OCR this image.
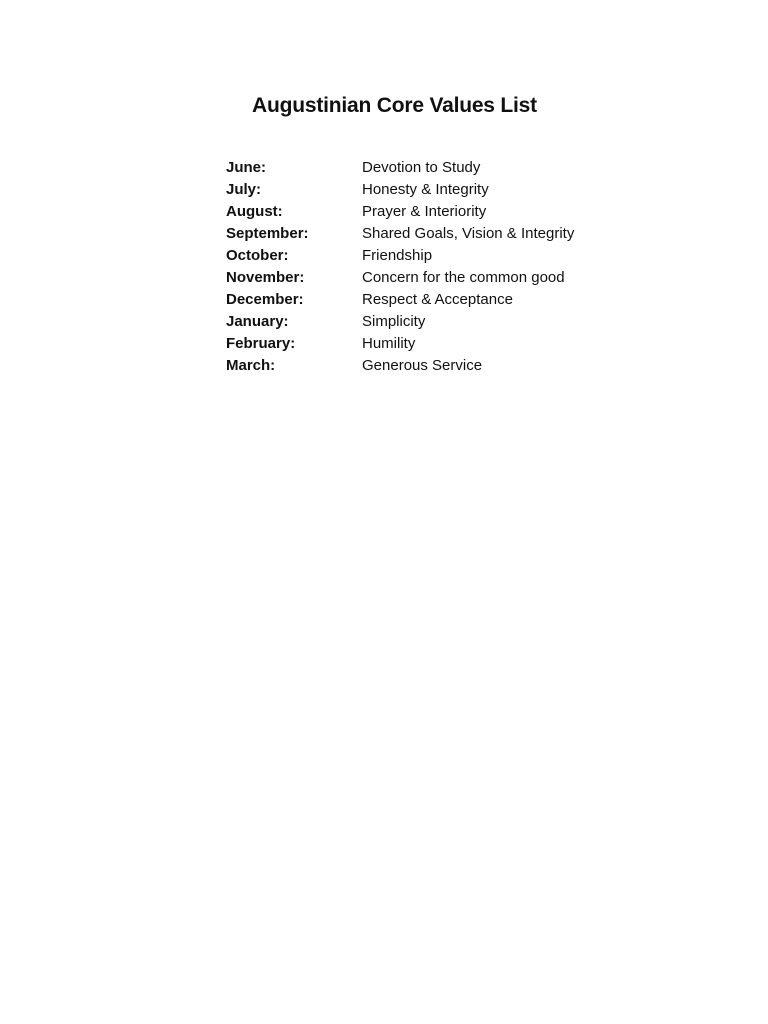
Augustinian Core Values List
June:	Devotion to Study
July:	Honesty & Integrity
August:	Prayer & Interiority
September:	Shared Goals, Vision & Integrity
October:	Friendship
November:	Concern for the common good
December:	Respect & Acceptance
January:	Simplicity
February:	Humility
March:	Generous Service
